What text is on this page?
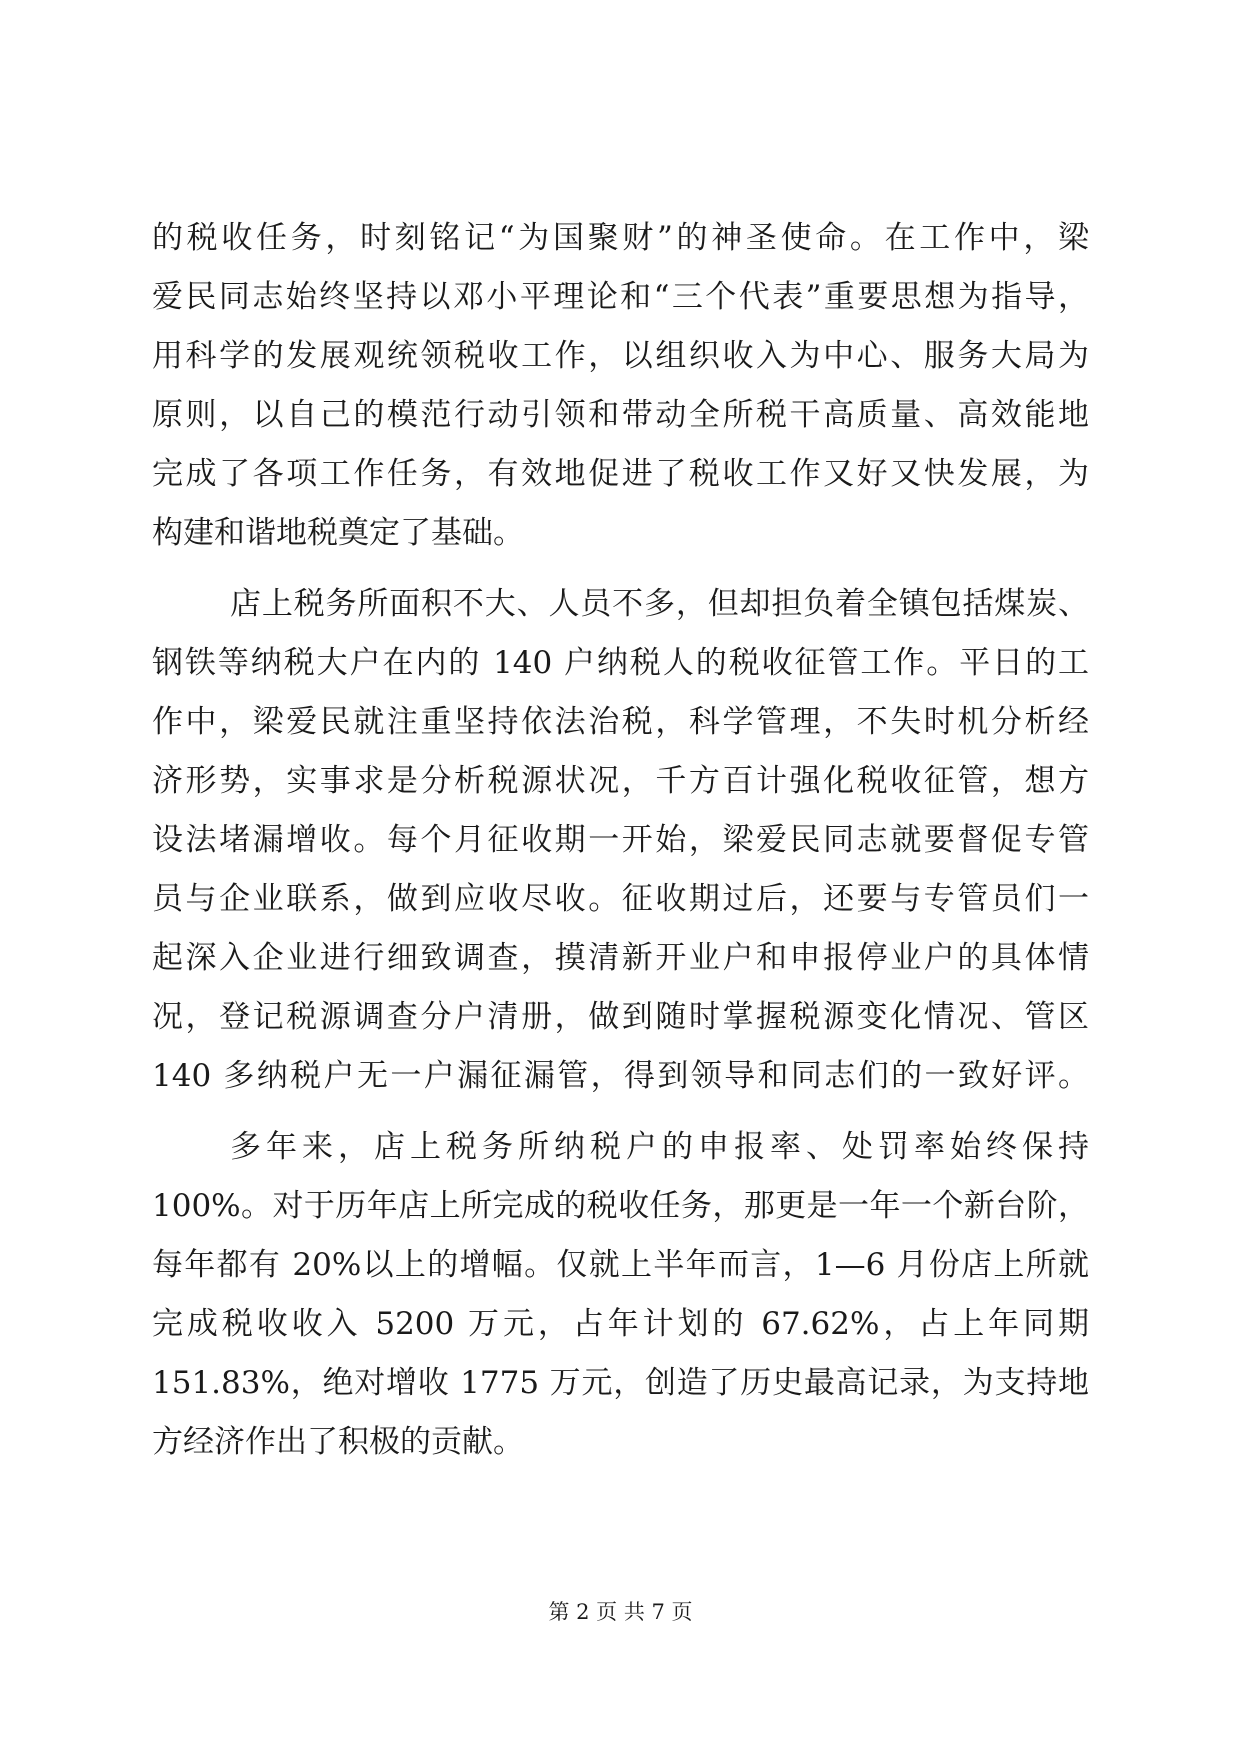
的税收任务，时刻铭记“为国聚财”的神圣使命。在工作中，梁
爱民同志始终坚持以邓小平理论和“三个代表”重要思想为指导，
用科学的发展观统领税收工作，以组织收入为中心、服务大局为
原则，以自己的模范行动引领和带动全所税干高质量、高效能地
完成了各项工作任务，有效地促进了税收工作又好又快发展，为
构建和谐地税奠定了基础。
店上税务所面积不大、人员不多，但却担负着全镇包括煤炭、
钢铁等纳税大户在内的 140 户纳税人的税收征管工作。平日的工
作中，梁爱民就注重坚持依法治税，科学管理，不失时机分析经
济形势，实事求是分析税源状况，千方百计强化税收征管，想方
设法堵漏增收。每个月征收期一开始，梁爱民同志就要督促专管
员与企业联系，做到应收尽收。征收期过后，还要与专管员们一
起深入企业进行细致调查，摸清新开业户和申报停业户的具体情
况，登记税源调查分户清册，做到随时掌握税源变化情况、管区
140 多纳税户无一户漏征漏管，得到领导和同志们的一致好评。
多年来，店上税务所纳税户的申报率、处罚率始终保持
100%。对于历年店上所完成的税收任务，那更是一年一个新台阶，
每年都有 20%以上的增幅。仅就上半年而言，1—6 月份店上所就
完成税收收入 5200 万元，占年计划的 67.62%，占上年同期
151.83%，绝对增收 1775 万元，创造了历史最高记录，为支持地
方经济作出了积极的贡献。
第 2 页 共 7 页
